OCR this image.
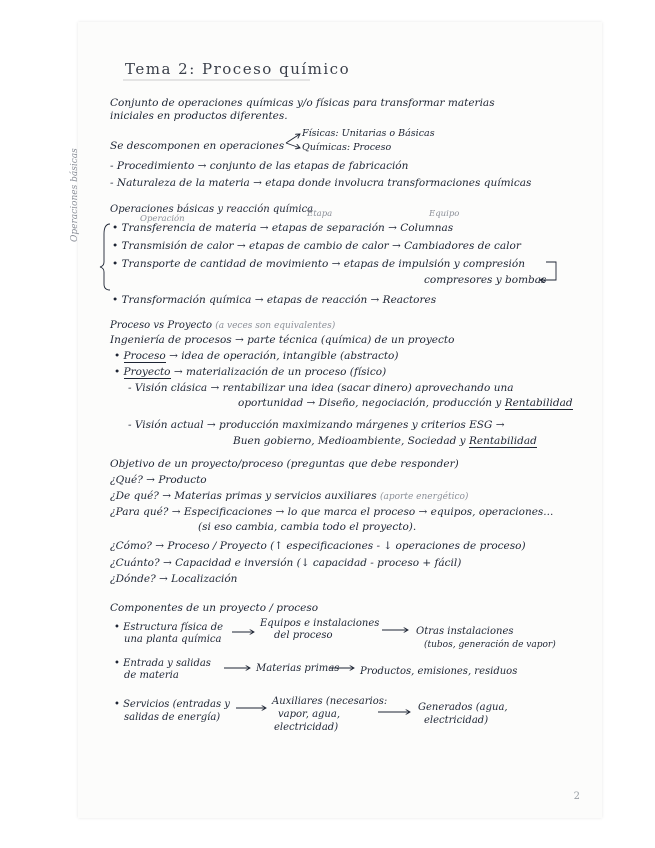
Tema 2: Proceso químico
Conjunto de operaciones químicas y/o físicas para transformar materias
iniciales en productos diferentes.
Se descomponen en operaciones
Físicas: Unitarias o Básicas
Químicas: Proceso
- Procedimiento → conjunto de las etapas de fabricación
- Naturaleza de la materia → etapa donde involucra transformaciones químicas
Operaciones básicas y reacción química
Operaciones básicas	Operación	Etapa	Equipo
• Transferencia de materia → etapas de separación → Columnas
• Transmisión de calor → etapas de cambio de calor → Cambiadores de calor
• Transporte de cantidad de movimiento → etapas de impulsión y compresión
compresores y bombas
• Transformación química → etapas de reacción → Reactores
Proceso vs Proyecto (a veces son equivalentes)
Ingeniería de procesos → parte técnica (química) de un proyecto
• Proceso → idea de operación, intangible (abstracto)
• Proyecto → materialización de un proceso (físico)
- Visión clásica → rentabilizar una idea (sacar dinero) aprovechando una
oportunidad → Diseño, negociación, producción y Rentabilidad
- Visión actual → producción maximizando márgenes y criterios ESG →
Buen gobierno, Medioambiente, Sociedad y Rentabilidad
Objetivo de un proyecto/proceso (preguntas que debe responder)
¿Qué? → Producto
¿De qué? → Materias primas y servicios auxiliares (aporte energético)
¿Para qué? → Especificaciones → lo que marca el proceso → equipos, operaciones...
(si eso cambia, cambia todo el proyecto).
¿Cómo? → Proceso / Proyecto (↑ especificaciones - ↓ operaciones de proceso)
¿Cuánto? → Capacidad e inversión (↓ capacidad - proceso + fácil)
¿Dónde? → Localización
Componentes de un proyecto / proceso
• Estructura física de
una planta química
Equipos e instalaciones
del proceso	Otras instalaciones
(tubos, generación de vapor)
• Entrada y salidas
de materia
Materias primas Productos, emisiones, residuos
• Servicios (entradas y
salidas de energía)
Auxiliares (necesarios:
vapor, agua,
electricidad)
Generados (agua,
electricidad)
2
